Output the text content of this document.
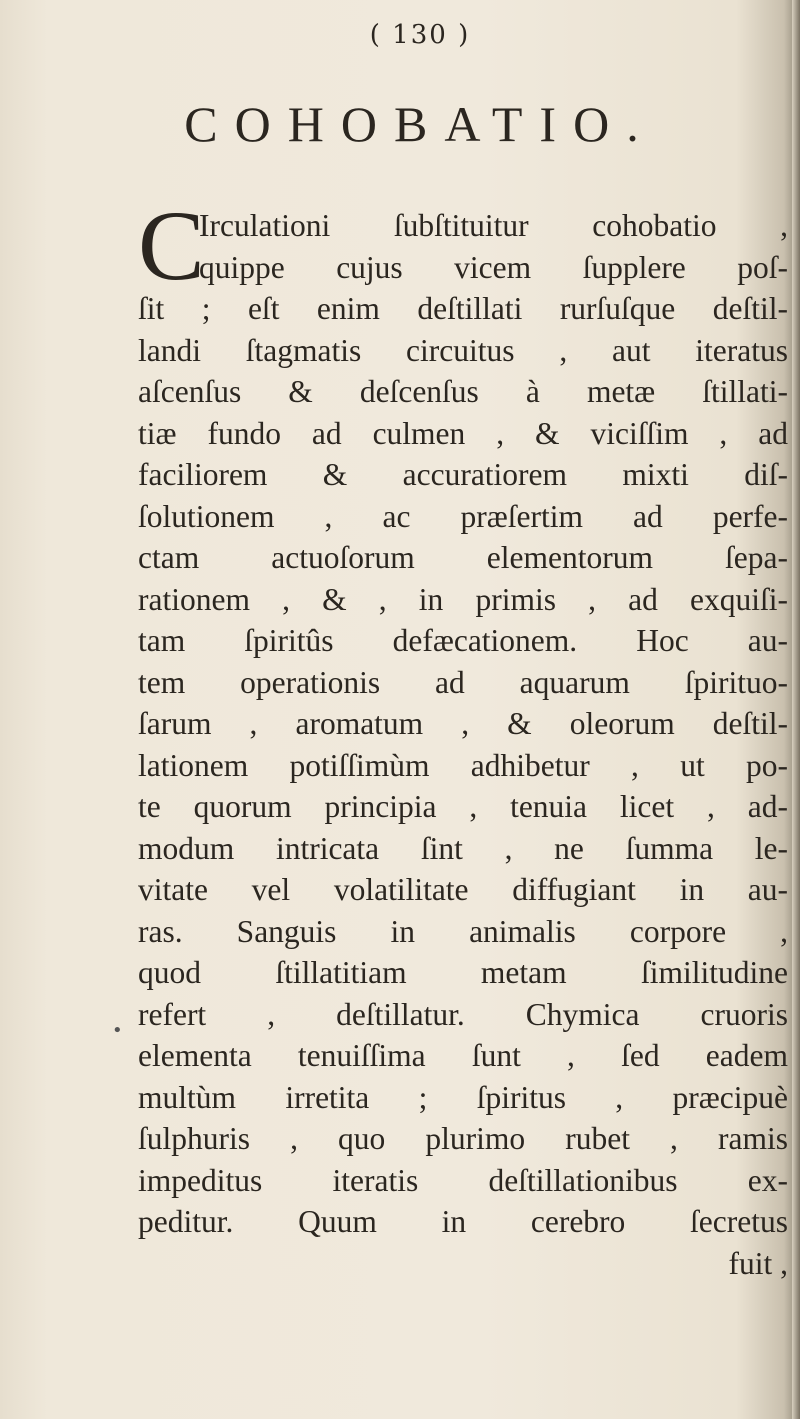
( 130 )
COHOBATIO.
C
•
Irculationi ſubſtituitur cohobatio ,
quippe cujus vicem ſupplere poſ-
ſit ; eſt enim deſtillati rurſuſque deſtil-
landi ſtagmatis circuitus , aut iteratus
aſcenſus & deſcenſus à metæ ſtillati-
tiæ fundo ad culmen , & viciſſim , ad
faciliorem & accuratiorem mixti diſ-
ſolutionem , ac præſertim ad perfe-
ctam actuoſorum elementorum ſepa-
rationem , & , in primis , ad exquiſi-
tam ſpiritûs defæcationem. Hoc au-
tem operationis ad aquarum ſpirituo-
ſarum , aromatum , & oleorum deſtil-
lationem potiſſimùm adhibetur , ut po-
te quorum principia , tenuia licet , ad-
modum intricata ſint , ne ſumma le-
vitate vel volatilitate diffugiant in au-
ras. Sanguis in animalis corpore ,
quod ſtillatitiam metam ſimilitudine
refert , deſtillatur. Chymica cruoris
elementa tenuiſſima ſunt , ſed eadem
multùm irretita ; ſpiritus , præcipuè
ſulphuris , quo plurimo rubet , ramis
impeditus iteratis deſtillationibus ex-
peditur. Quum in cerebro ſecretus
fuit ,
